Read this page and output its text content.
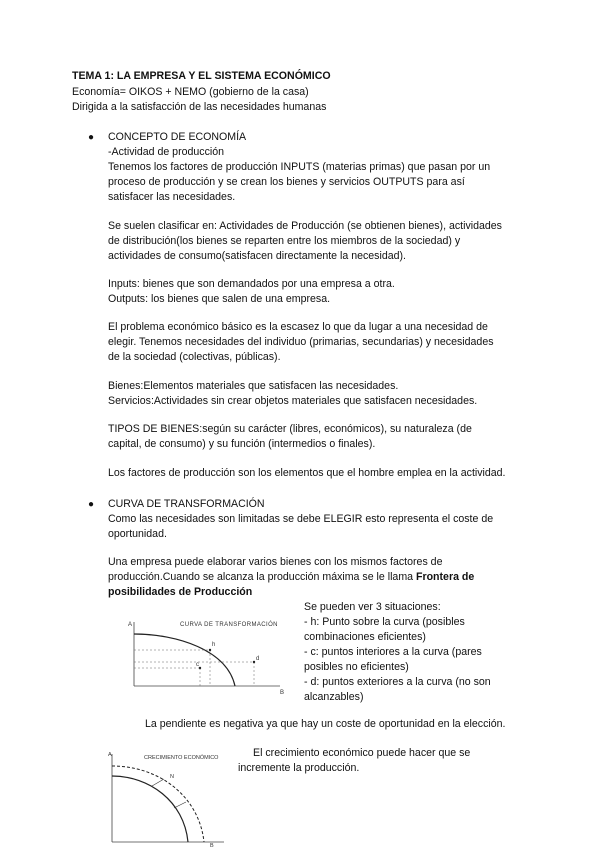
TEMA 1: LA EMPRESA Y EL SISTEMA ECONÓMICO
Economía= OIKOS + NEMO (gobierno de la casa)
Dirigida a la satisfacción de las necesidades humanas
● CONCEPTO DE ECONOMÍA
-Actividad de producción
Tenemos los factores de producción INPUTS (materias primas) que pasan por un
proceso de producción y se crean los bienes y servicios OUTPUTS para así
satisfacer las necesidades.
Se suelen clasificar en: Actividades de Producción (se obtienen bienes), actividades
de distribución(los bienes se reparten entre los miembros de la sociedad) y
actividades de consumo(satisfacen directamente la necesidad).
Inputs: bienes que son demandados por una empresa a otra.
Outputs: los bienes que salen de una empresa.
El problema económico básico es la escasez lo que da lugar a una necesidad de
elegir. Tenemos necesidades del individuo (primarias, secundarias) y necesidades
de la sociedad (colectivas, públicas).
Bienes:Elementos materiales que satisfacen las necesidades.
Servicios:Actividades sin crear objetos materiales que satisfacen necesidades.
TIPOS DE BIENES:según su carácter (libres, económicos), su naturaleza (de
capital, de consumo) y su función (intermedios o finales).
Los factores de producción son los elementos que el hombre emplea en la actividad.
● CURVA DE TRANSFORMACIÓN
Como las necesidades son limitadas se debe ELEGIR esto representa el coste de
oportunidad.
Una empresa puede elaborar varios bienes con los mismos factores de
producción.Cuando se alcanza la producción máxima se le llama Frontera de
posibilidades de Producción
CURVA DE TRANSFORMACIÓN
A
h
d
c
B
Se pueden ver 3 situaciones:
- h: Punto sobre la curva (posibles
combinaciones eficientes)
- c: puntos interiores a la curva (pares
posibles no eficientes)
- d: puntos exteriores a la curva (no son
alcanzables)
La pendiente es negativa ya que hay un coste de oportunidad en la elección.
CRECIMIENTO ECONÓMICO
A
N
B
El crecimiento económico puede hacer que se
incremente la producción.
